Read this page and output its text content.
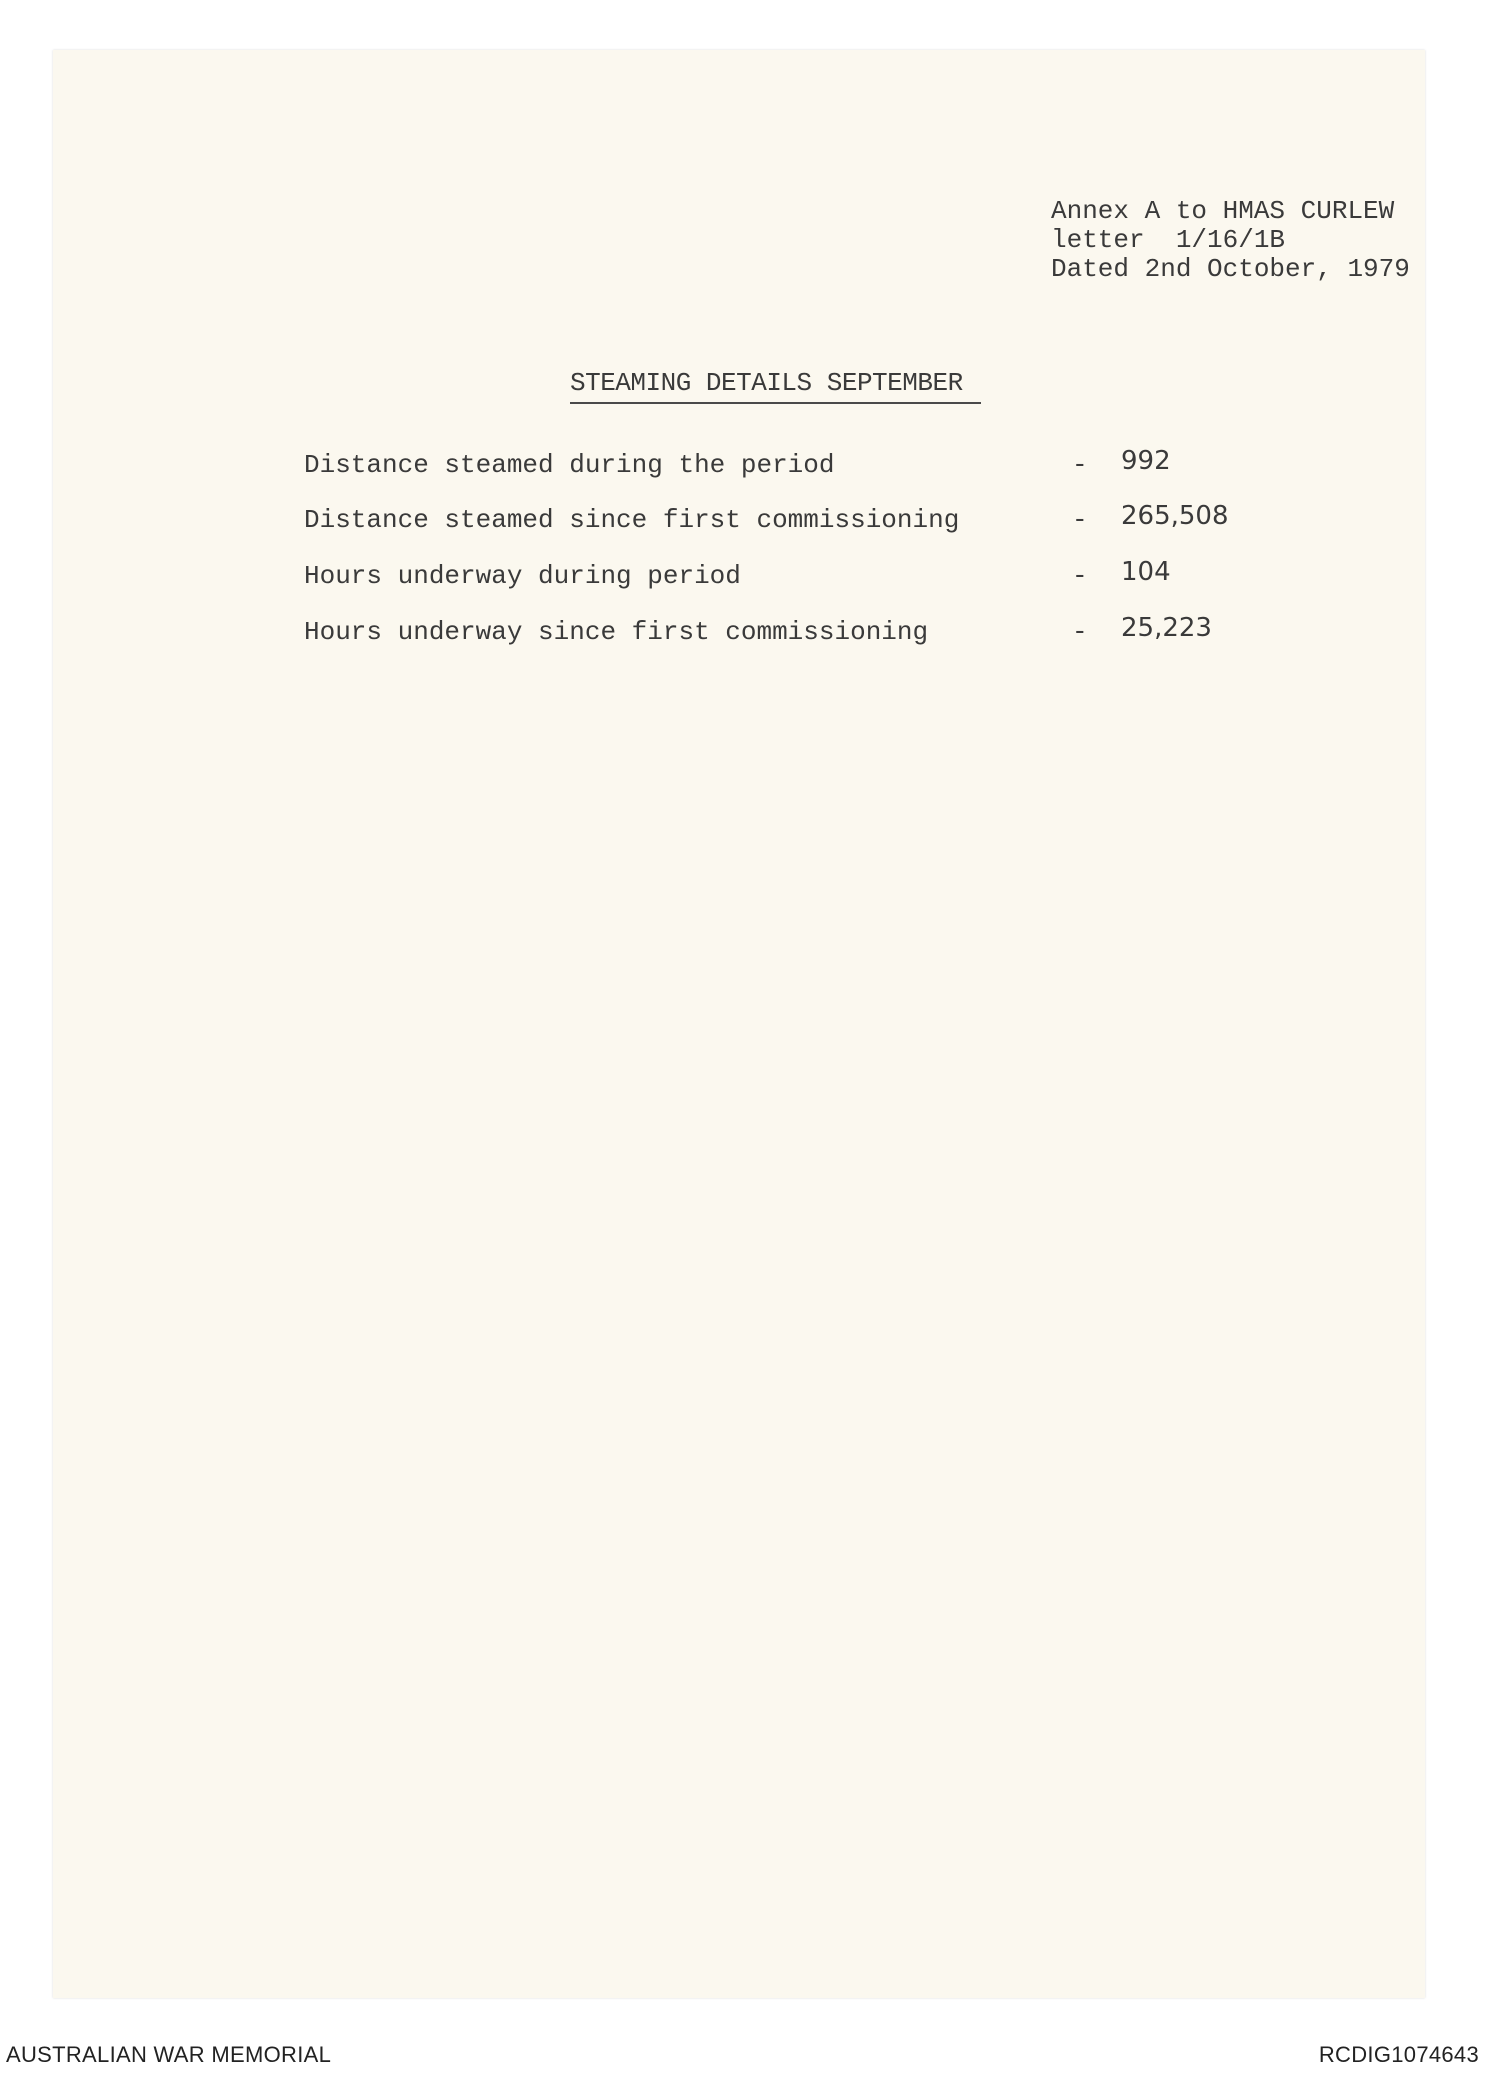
Annex A to HMAS CURLEW
letter  1/16/1B
Dated 2nd October, 1979
STEAMING DETAILS SEPTEMBER
Distance steamed during the period	- 992
Distance steamed since first commissioning	- 265,508
Hours underway during period	- 104
Hours underway since first commissioning	- 25,223
AUSTRALIAN WAR MEMORIAL	RCDIG1074643
